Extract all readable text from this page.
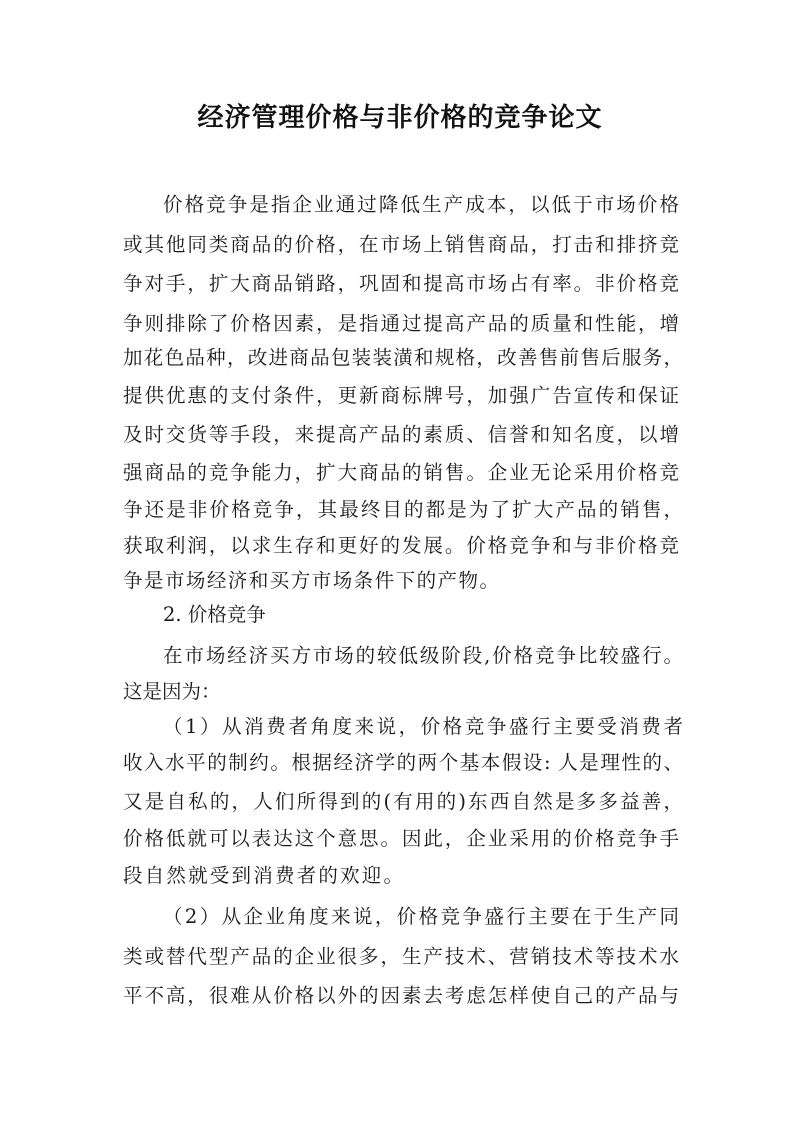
经济管理价格与非价格的竞争论文
价格竞争是指企业通过降低生产成本，以低于市场价格
或其他同类商品的价格，在市场上销售商品，打击和排挤竞
争对手，扩大商品销路，巩固和提高市场占有率。非价格竞
争则排除了价格因素，是指通过提高产品的质量和性能，增
加花色品种，改进商品包装装潢和规格，改善售前售后服务，
提供优惠的支付条件，更新商标牌号，加强广告宣传和保证
及时交货等手段，来提高产品的素质、信誉和知名度，以增
强商品的竞争能力，扩大商品的销售。企业无论采用价格竞
争还是非价格竞争，其最终目的都是为了扩大产品的销售，
获取利润，以求生存和更好的发展。价格竞争和与非价格竞
争是市场经济和买方市场条件下的产物。
2. 价格竞争
在市场经济买方市场的较低级阶段,价格竞争比较盛行。
这是因为：
（1）从消费者角度来说，价格竞争盛行主要受消费者
收入水平的制约。根据经济学的两个基本假设: 人是理性的、
又是自私的，人们所得到的(有用的)东西自然是多多益善，
价格低就可以表达这个意思。因此，企业采用的价格竞争手
段自然就受到消费者的欢迎。
（2）从企业角度来说，价格竞争盛行主要在于生产同
类或替代型产品的企业很多，生产技术、营销技术等技术水
平不高，很难从价格以外的因素去考虑怎样使自己的产品与
